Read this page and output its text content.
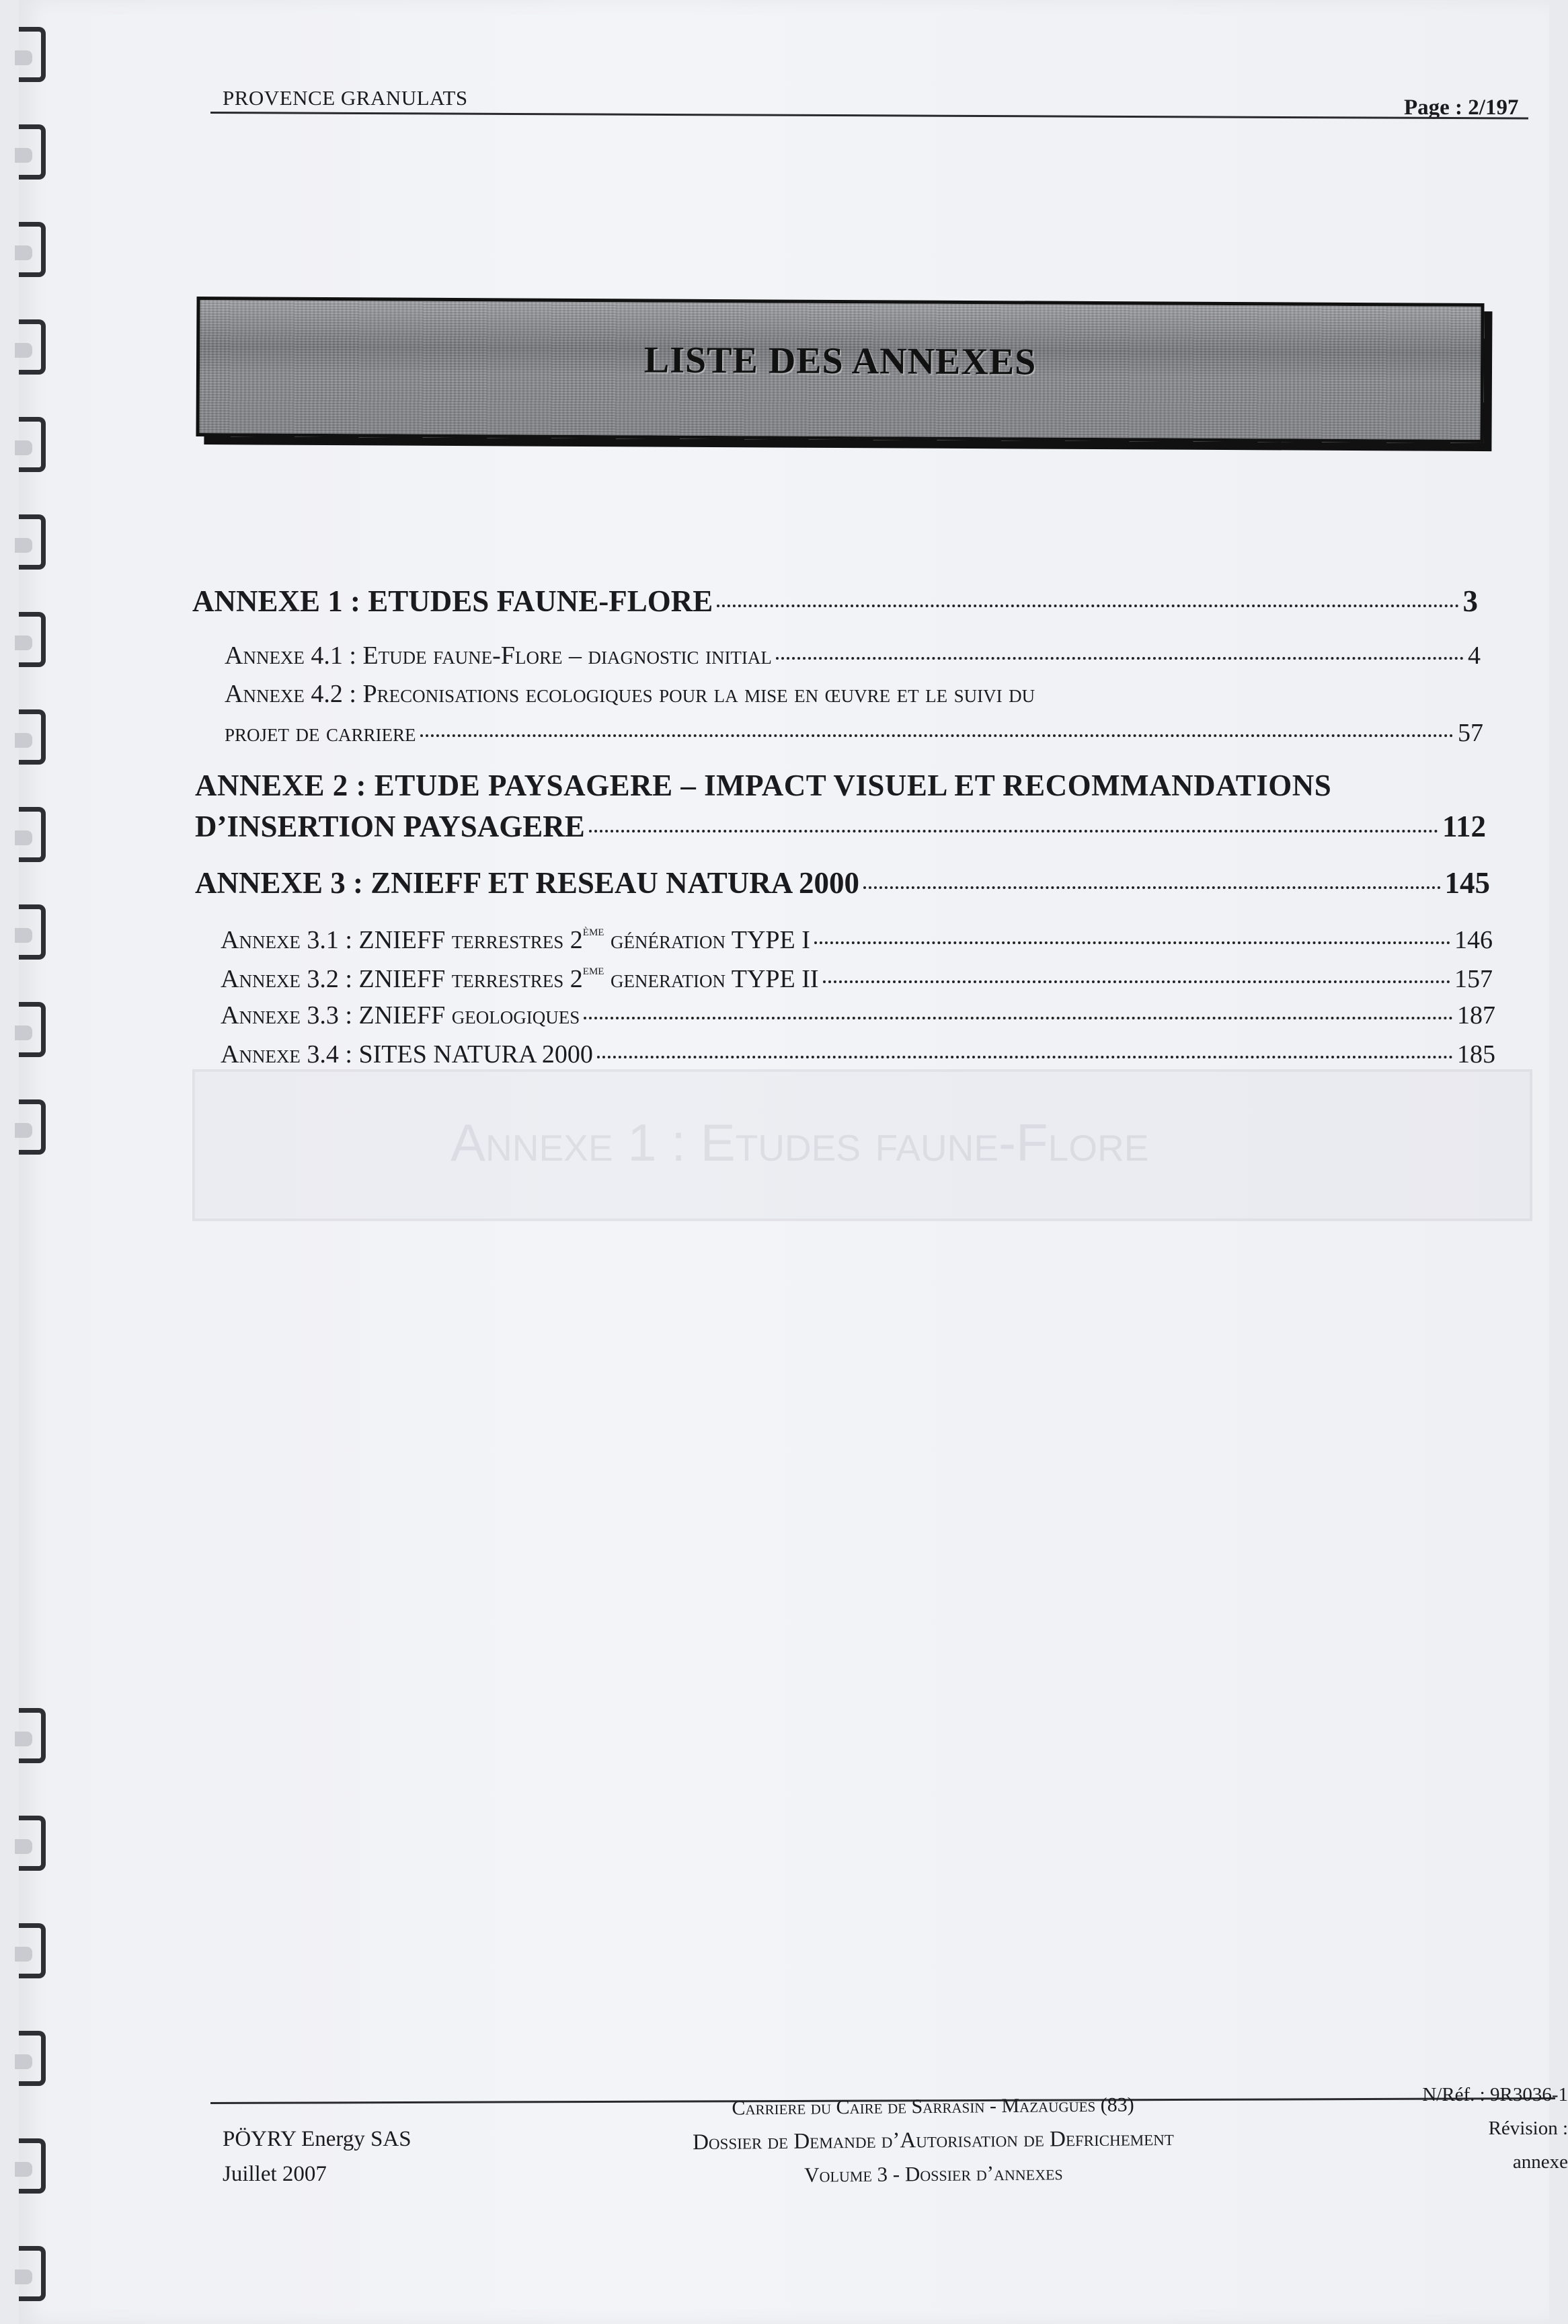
PROVENCE GRANULATS	Page : 2/197
LISTE DES ANNEXES
Annexe 1 : Etudes faune-Flore
ANNEXE 1 : ETUDES FAUNE-FLORE	3
Annexe 4.1 : Etude faune-Flore – diagnostic initial	4
Annexe 4.2 : Preconisations ecologiques pour la mise en œuvre et le suivi du
projet de carriere	57
ANNEXE 2 : ETUDE PAYSAGERE – IMPACT VISUEL ET RECOMMANDATIONS
D’INSERTION PAYSAGERE	112
ANNEXE 3 : ZNIEFF ET RESEAU NATURA 2000	145
Annexe 3.1 : ZNIEFF terrestres 2ème génération TYPE I	146
Annexe 3.2 : ZNIEFF terrestres 2eme generation TYPE II	157
Annexe 3.3 : ZNIEFF geologiques	187
Annexe 3.4 : SITES NATURA 2000	185
PÖYRY Energy SAS
Juillet 2007
Carriere du Caire de Sarrasin - Mazaugues (83)
Dossier de Demande d’Autorisation de Defrichement
Volume 3 - Dossier d’annexes
N/Réf. : 9R3036-1
Révision :
annexe
